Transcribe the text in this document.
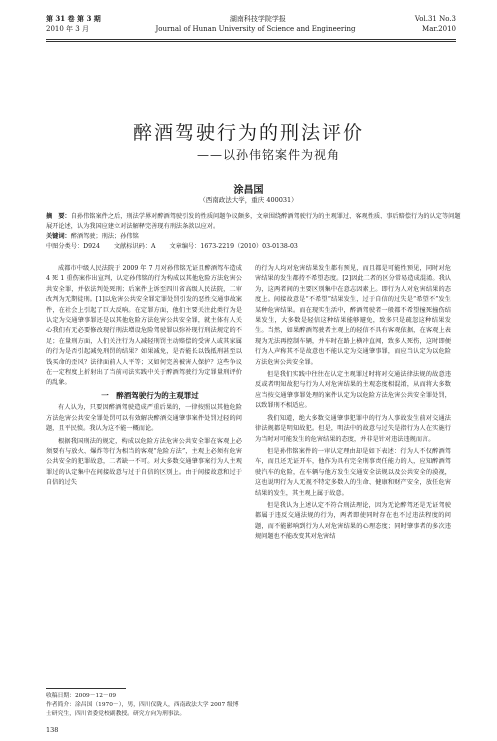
第 31 卷 第 3 期	湖南科技学院学报	Vol.31 No.3
2010 年 3 月	Journal of Hunan University of Science and Engineering	Mar.2010
醉酒驾驶行为的刑法评价
——以孙伟铭案件为视角
涂昌国
（西南政法大学，重庆 400031）
摘　要：自孙伟铭案件之后，刑法学界对醉酒驾驶引发的性质问题争议颇多，文章围绕醉酒驾驶行为的主观罪过、客观性质、事后赔偿行为的认定等问题展开论述，认为我国应建立对法解释完善现有刑法条款以应对。
关键词：醉酒驾驶；刑法；孙伟铭
中图分类号：D924 文献标识码：A 文章编号：1673-2219（2010）03-0138-03

成都市中级人民法院于 2009 年 7 月对孙伟铭无证且醉酒驾车造成 4 死 1 重伤案作出宣判，认定孙伟铭的行为构成以其他危险方法危害公共安全罪，并依法判处死刑；后案件上诉至四川省高级人民法院，二审改判为无期徒刑。[1]以危害公共安全罪定罪处罚引发的恶性交通事故案件，在社会上引起了巨大反响。在定罪方面，他们主要关注此类行为是认定为交通肇事罪还是以其他危险方法危害公共安全罪，就主体有人关心我们有无必要修改现行刑法增设危险驾驶罪以弥补现行刑法规定的不足；在量刑方面，人们关注行为人减轻刑罚主动赔偿的受害人或其家属的行为是否引起减免刑罚的结果？如果减免，是否能长以钱抵刑甚至以钱买命的歪风？法律面前人人平等；又如何完善被害人保护？这些争议在一定程度上折射出了当前司法实践中关于醉酒驾驶行为定罪量刑评价的乱象。

一　醉酒驾驶行为的主观罪过

有人认为，只要因醉酒驾驶造成严重后果的，一律按照以其他危险方法危害公共安全罪处罚可以有效解决醉酒交通肇事案件处罚过轻的问题，且平民愤。我认为这不能一概而论。

根据我国刑法的规定，构成以危险方法危害公共安全罪在客观上必须要有与放火、爆炸等行为相当的客观“危险方法”，主观上必须有危害公共安全的犯罪故意，二者缺一不可。对大多数交通肇事案行为人主观罪过的认定集中在间接故意与过于自信的区别上。由于间接故意和过于自信的过失

收稿日期：2009－12－09
作者简介：涂昌国（1970－），男，四川仪陇人，西南政法大学 2007 级博士研究生，四川省委党校副教授。研究方向为刑事法。
138

的行为人均对危害结果发生都有预见，而且都是可能性预见，同时对危害结果的发生都持不希望态度。[2]因此二者的区分常易造成混淆。我认为，这两者间的主要区别集中在意志因素上。即行为人对危害结果的态度上。间接故意是“不希望”结果发生，过于自信的过失是“希望不”发生某种危害结果。而在现实生活中，醉酒驾驶者一般都不希望撞死撞伤结果发生，大多数是轻信这种结果能够避免，致多只是疏忽这种结果发生。当然，如果醉酒驾驶者主观上的轻信不具有客观依据，在客观上表现为无法再控制车辆，并车时在路上横冲直闯，致多人死伤，这时即便行为人声称其不是故意也不能认定为交通肇事罪，而应当认定为以危险方法危害公共安全罪。

但是我们实践中往往在认定主观罪过时将对交通法律法规的故意违反或者明知故犯与行为人对危害结果的主观态度相混淆，从而将大多数应当按交通肇事罪处理的案件认定为以危险方法危害公共安全罪处罚，以致罪刑不相适应。

我们知道，绝大多数交通肇事犯罪中的行为人事故发生前对交通法律法规都是明知故犯。但是，明法中的故意与过失是指行为人在实施行为当时对可能发生的危害结果的态度，并非是针对违法违规而言。

但是孙伟铭案件的一审认定理由却是如下表述：行为人不仅醉酒驾车，而且还无证开车，他作为具有完全刑事责任能力的人，应知醉酒驾驶汽车的危险，在车辆与他方发生交通安全法规以及公共安全的漠视，这也说明行为人无视不特定多数人的生命、健康和财产安全，放任危害结果的发生，其主观上属于故意。

但是我认为上述认定不符合刑法理论，因为无论醉驾还是无证驾驶都属于违反交通法规的行为，两者即使同时存在也不过违法程度的问题，而不能影响到行为人对危害结果的心理态度；同时肇事者的多次违规问题也不能改变其对危害结
